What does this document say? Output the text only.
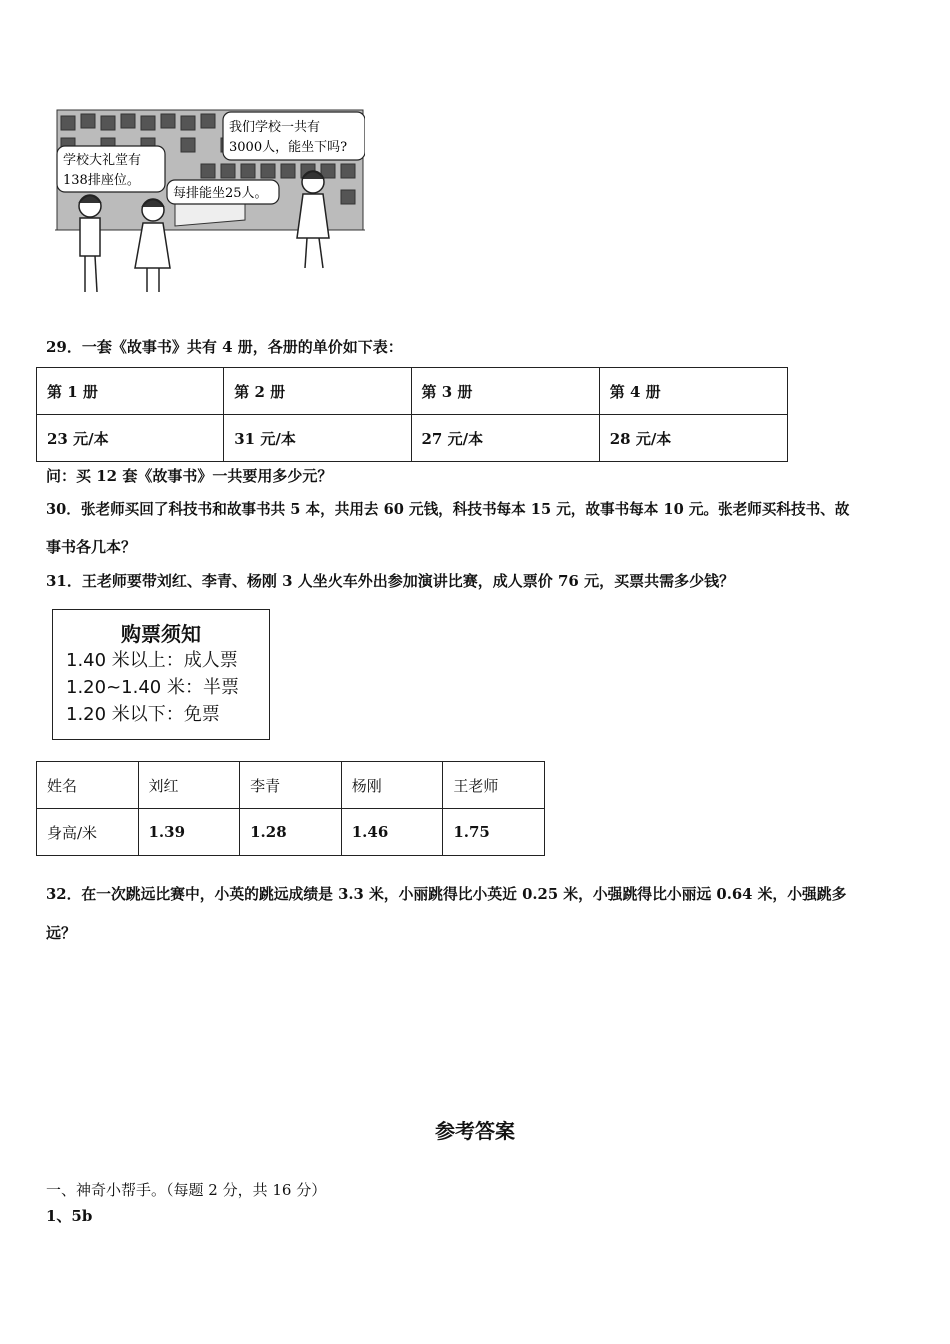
学校大礼堂有
138排座位。
每排能坐25人。
我们学校一共有
3000人，能坐下吗?
29．一套《故事书》共有 4 册，各册的单价如下表：
第 1 册	第 2 册	第 3 册	第 4 册
23 元/本	31 元/本	27 元/本	28 元/本
问：买 12 套《故事书》一共要用多少元？
30．张老师买回了科技书和故事书共 5 本，共用去 60 元钱，科技书每本 15 元，故事书每本 10 元。张老师买科技书、故
事书各几本？
31．王老师要带刘红、李青、杨刚 3 人坐火车外出参加演讲比赛，成人票价 76 元，买票共需多少钱？
购票须知
1.40 米以上：成人票
1.20~1.40 米：半票
1.20 米以下：免票
姓名	刘红	李青	杨刚	王老师
身高/米	1.39	1.28	1.46	1.75
32．在一次跳远比赛中，小英的跳远成绩是 3.3 米，小丽跳得比小英近 0.25 米，小强跳得比小丽远 0.64 米，小强跳多
远？
参考答案
一、神奇小帮手。（每题 2 分，共 16 分）
1、5b
